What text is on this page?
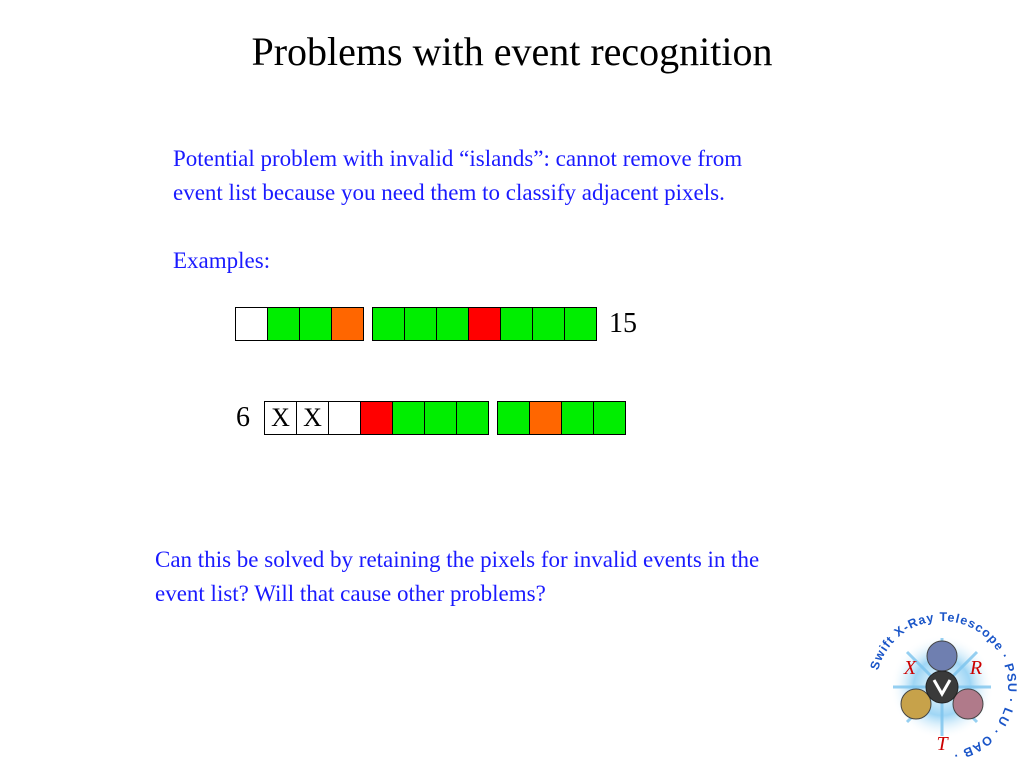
Problems with event recognition
Potential problem with invalid “islands”: cannot remove from
event list because you need them to classify adjacent pixels.
Examples:
15
6 X X
Can this be solved by retaining the pixels for invalid events in the
event list? Will that cause other problems?
X	R
T
Swift X-Ray Telescope · PSU · LU · OAB ·
